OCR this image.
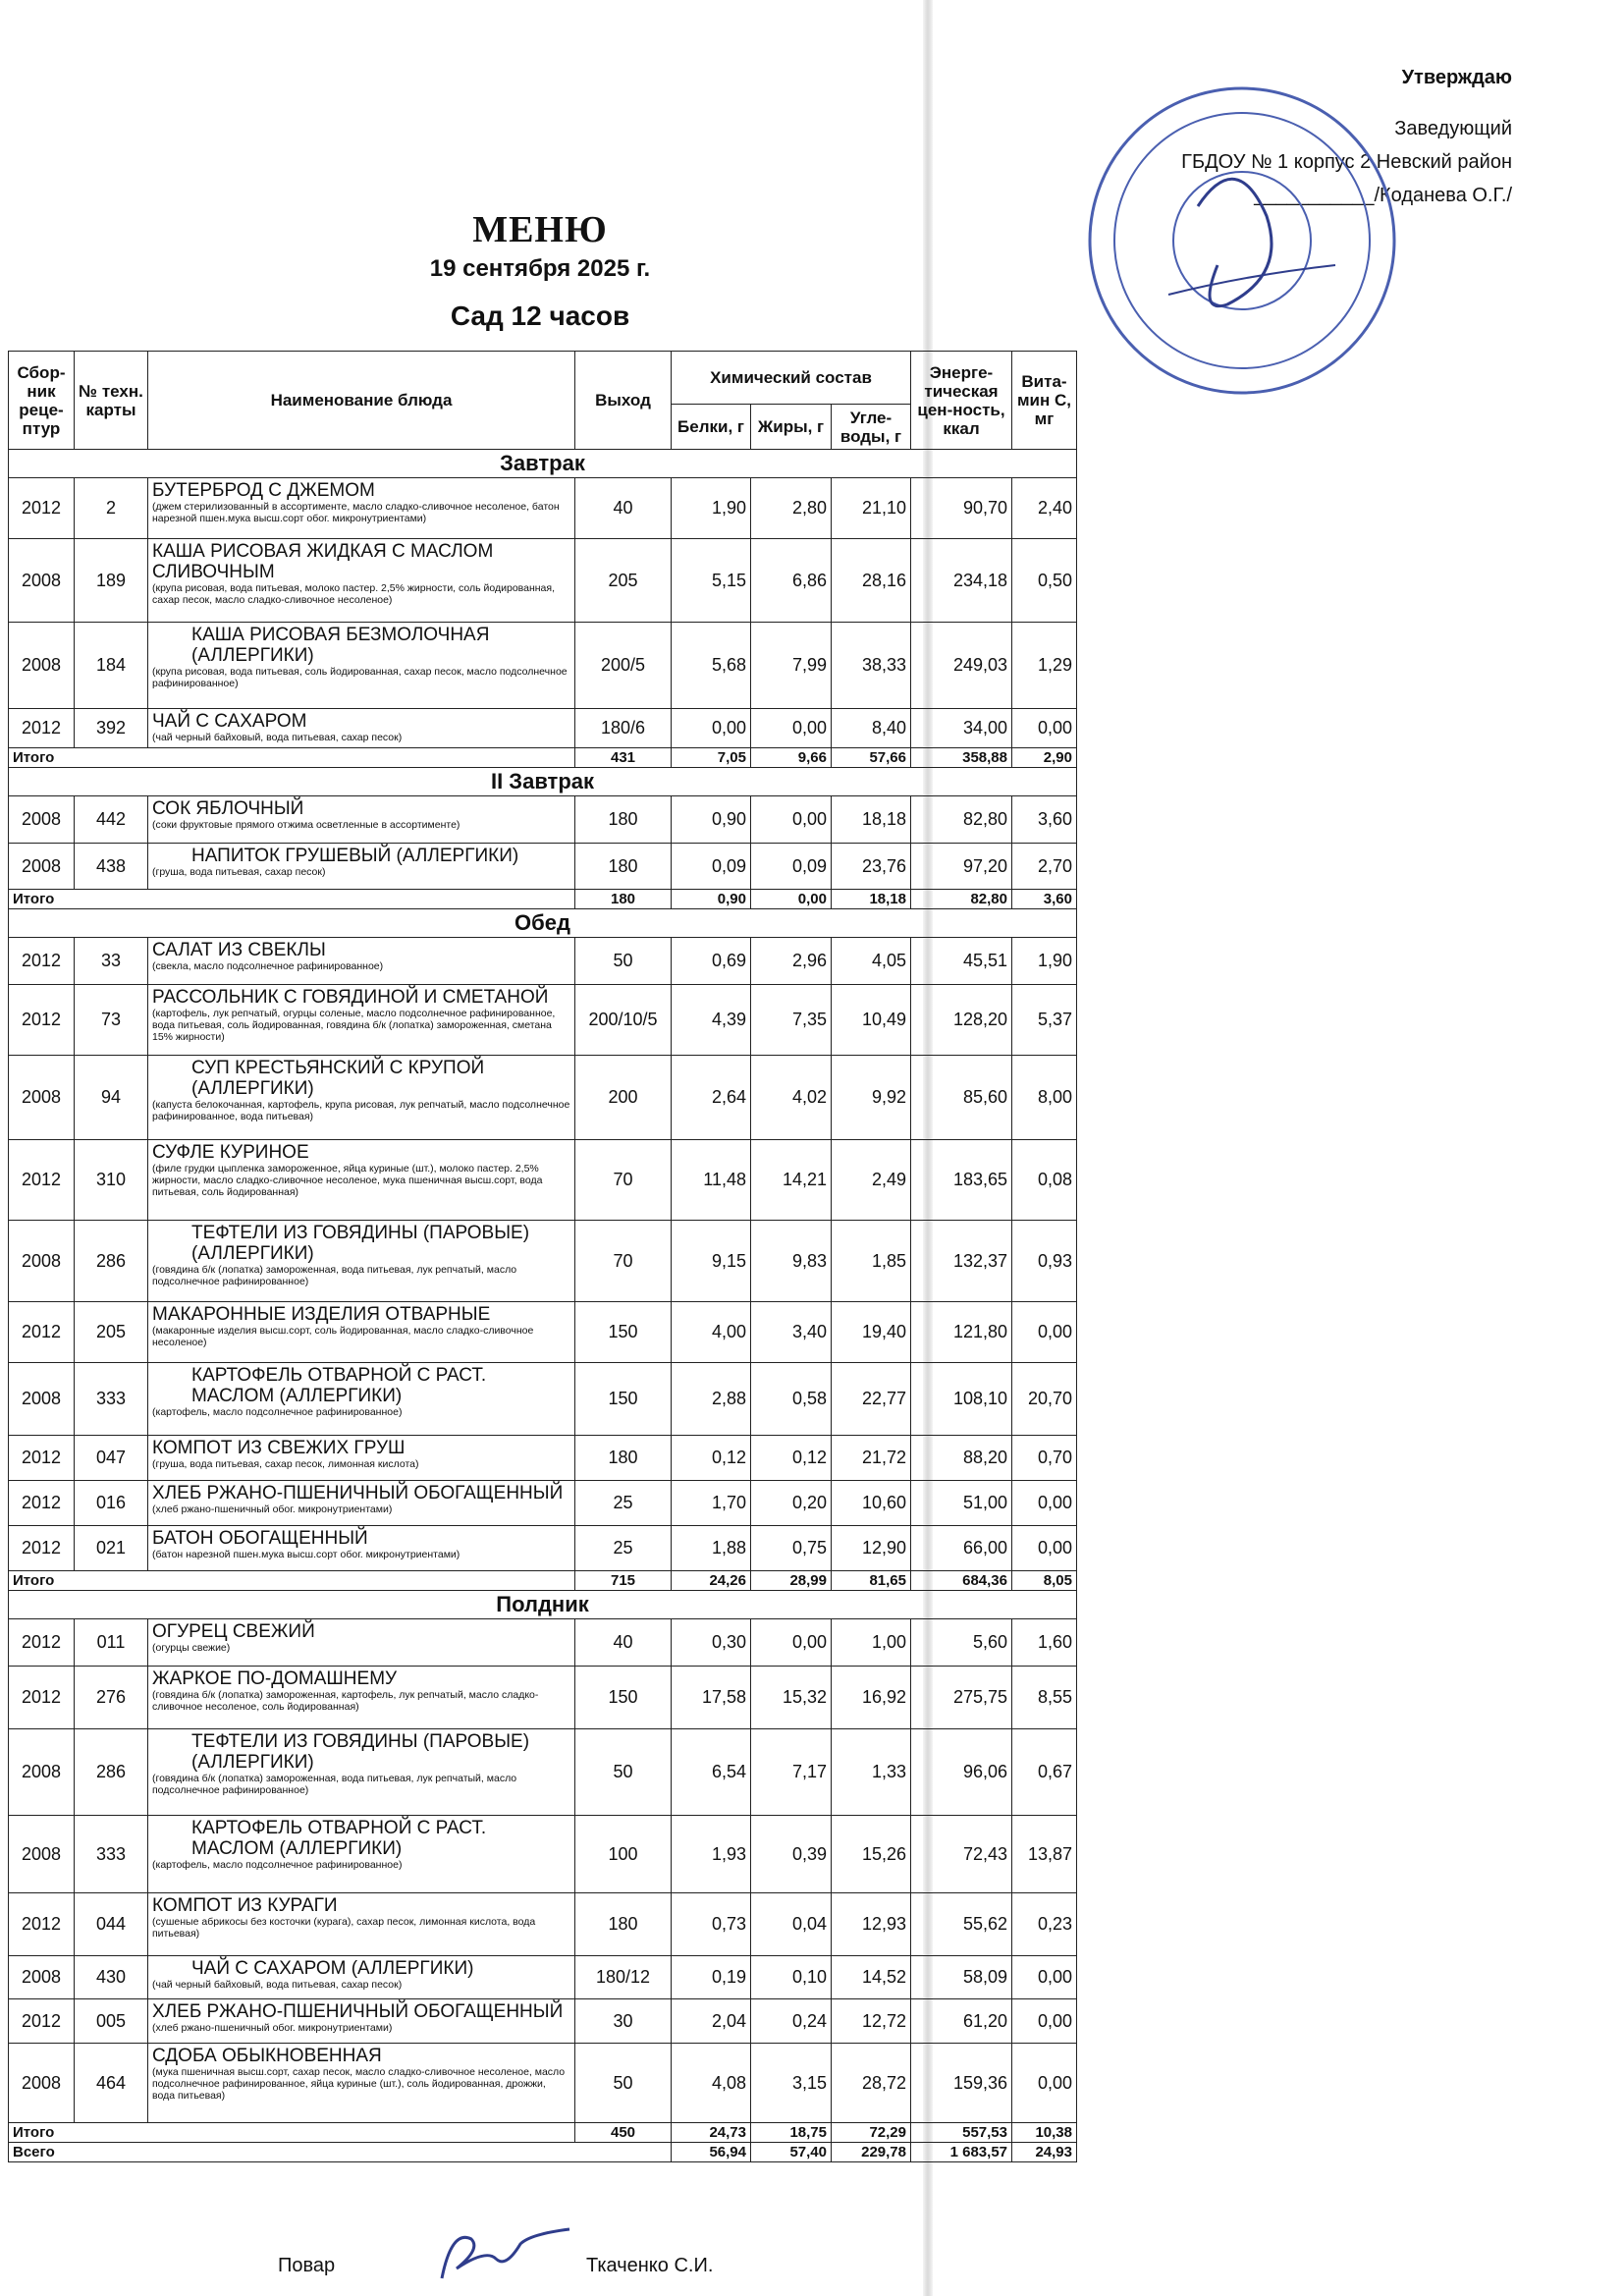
Утверждаю
Заведующий
ГБДОУ № 1 корпус 2 Невский район
___________/Коданева О.Г./
МЕНЮ
19 сентября 2025 г.
Сад 12 часов
Сбор-ник реце-птур	№ техн. карты	Наименование блюда	Выход	Химический состав			Энерге-тическая цен-ность, ккал	Вита-мин С, мг
				Белки, г	Жиры, г	Угле-воды, г		
Завтрак								
2012	2	БУТЕРБРОД С ДЖЕМОМ
(джем стерилизованный в ассортименте, масло сладко-сливочное несоленое, батон нарезной пшен.мука высш.сорт обог. микронутриентами)	40	1,90	2,80	21,10	90,70	2,40
2008	189	КАША РИСОВАЯ ЖИДКАЯ С МАСЛОМ СЛИВОЧНЫМ
(крупа рисовая, вода питьевая, молоко пастер. 2,5% жирности, соль йодированная, сахар песок, масло сладко-сливочное несоленое)	205	5,15	6,86	28,16	234,18	0,50
2008	184	КАША РИСОВАЯ БЕЗМОЛОЧНАЯ (АЛЛЕРГИКИ)
(крупа рисовая, вода питьевая, соль йодированная, сахар песок, масло подсолнечное рафинированное)	200/5	5,68	7,99	38,33	249,03	1,29
2012	392	ЧАЙ С САХАРОМ
(чай черный байховый, вода питьевая, сахар песок)	180/6	0,00	0,00	8,40	34,00	0,00
Итого			431	7,05	9,66	57,66	358,88	2,90
II Завтрак								
2008	442	СОК ЯБЛОЧНЫЙ
(соки фруктовые прямого отжима осветленные в ассортименте)	180	0,90	0,00	18,18	82,80	3,60
2008	438	НАПИТОК ГРУШЕВЫЙ (АЛЛЕРГИКИ)
(груша, вода питьевая, сахар песок)	180	0,09	0,09	23,76	97,20	2,70
Итого			180	0,90	0,00	18,18	82,80	3,60
Обед								
2012	33	САЛАТ ИЗ СВЕКЛЫ
(свекла, масло подсолнечное рафинированное)	50	0,69	2,96	4,05	45,51	1,90
2012	73	РАССОЛЬНИК С ГОВЯДИНОЙ И СМЕТАНОЙ
(картофель, лук репчатый, огурцы соленые, масло подсолнечное рафинированное, вода питьевая, соль йодированная, говядина б/к (лопатка) замороженная, сметана 15% жирности)	200/10/5	4,39	7,35	10,49	128,20	5,37
2008	94	СУП КРЕСТЬЯНСКИЙ С КРУПОЙ (АЛЛЕРГИКИ)
(капуста белокочанная, картофель, крупа рисовая, лук репчатый, масло подсолнечное рафинированное, вода питьевая)	200	2,64	4,02	9,92	85,60	8,00
2012	310	СУФЛЕ КУРИНОЕ
(филе грудки цыпленка замороженное, яйца куриные (шт.), молоко пастер. 2,5% жирности, масло сладко-сливочное несоленое, мука пшеничная высш.сорт, вода питьевая, соль йодированная)	70	11,48	14,21	2,49	183,65	0,08
2008	286	ТЕФТЕЛИ ИЗ ГОВЯДИНЫ (ПАРОВЫЕ) (АЛЛЕРГИКИ)
(говядина б/к (лопатка) замороженная, вода питьевая, лук репчатый, масло подсолнечное рафинированное)	70	9,15	9,83	1,85	132,37	0,93
2012	205	МАКАРОННЫЕ ИЗДЕЛИЯ ОТВАРНЫЕ
(макаронные изделия высш.сорт, соль йодированная, масло сладко-сливочное несоленое)	150	4,00	3,40	19,40	121,80	0,00
2008	333	КАРТОФЕЛЬ ОТВАРНОЙ С РАСТ. МАСЛОМ (АЛЛЕРГИКИ)
(картофель, масло подсолнечное рафинированное)	150	2,88	0,58	22,77	108,10	20,70
2012	047	КОМПОТ ИЗ СВЕЖИХ ГРУШ
(груша, вода питьевая, сахар песок, лимонная кислота)	180	0,12	0,12	21,72	88,20	0,70
2012	016	ХЛЕБ РЖАНО-ПШЕНИЧНЫЙ ОБОГАЩЕННЫЙ
(хлеб ржано-пшеничный обог. микронутриентами)	25	1,70	0,20	10,60	51,00	0,00
2012	021	БАТОН ОБОГАЩЕННЫЙ
(батон нарезной пшен.мука высш.сорт обог. микронутриентами)	25	1,88	0,75	12,90	66,00	0,00
Итого			715	24,26	28,99	81,65	684,36	8,05
Полдник								
2012	011	ОГУРЕЦ СВЕЖИЙ
(огурцы свежие)	40	0,30	0,00	1,00	5,60	1,60
2012	276	ЖАРКОЕ ПО-ДОМАШНЕМУ
(говядина б/к (лопатка) замороженная, картофель, лук репчатый, масло сладко-сливочное несоленое, соль йодированная)	150	17,58	15,32	16,92	275,75	8,55
2008	286	ТЕФТЕЛИ ИЗ ГОВЯДИНЫ (ПАРОВЫЕ) (АЛЛЕРГИКИ)
(говядина б/к (лопатка) замороженная, вода питьевая, лук репчатый, масло подсолнечное рафинированное)	50	6,54	7,17	1,33	96,06	0,67
2008	333	КАРТОФЕЛЬ ОТВАРНОЙ С РАСТ. МАСЛОМ (АЛЛЕРГИКИ)
(картофель, масло подсолнечное рафинированное)	100	1,93	0,39	15,26	72,43	13,87
2012	044	КОМПОТ ИЗ КУРАГИ
(сушеные абрикосы без косточки (курага), сахар песок, лимонная кислота, вода питьевая)	180	0,73	0,04	12,93	55,62	0,23
2008	430	ЧАЙ С САХАРОМ (АЛЛЕРГИКИ)
(чай черный байховый, вода питьевая, сахар песок)	180/12	0,19	0,10	14,52	58,09	0,00
2012	005	ХЛЕБ РЖАНО-ПШЕНИЧНЫЙ ОБОГАЩЕННЫЙ
(хлеб ржано-пшеничный обог. микронутриентами)	30	2,04	0,24	12,72	61,20	0,00
2008	464	СДОБА ОБЫКНОВЕННАЯ
(мука пшеничная высш.сорт, сахар песок, масло сладко-сливочное несоленое, масло подсолнечное рафинированное, яйца куриные (шт.), соль йодированная, дрожжи, вода питьевая)	50	4,08	3,15	28,72	159,36	0,00
Итого			450	24,73	18,75	72,29	557,53	10,38
Всего				56,94	57,40	229,78	1 683,57	24,93
Повар	Ткаченко С.И.
